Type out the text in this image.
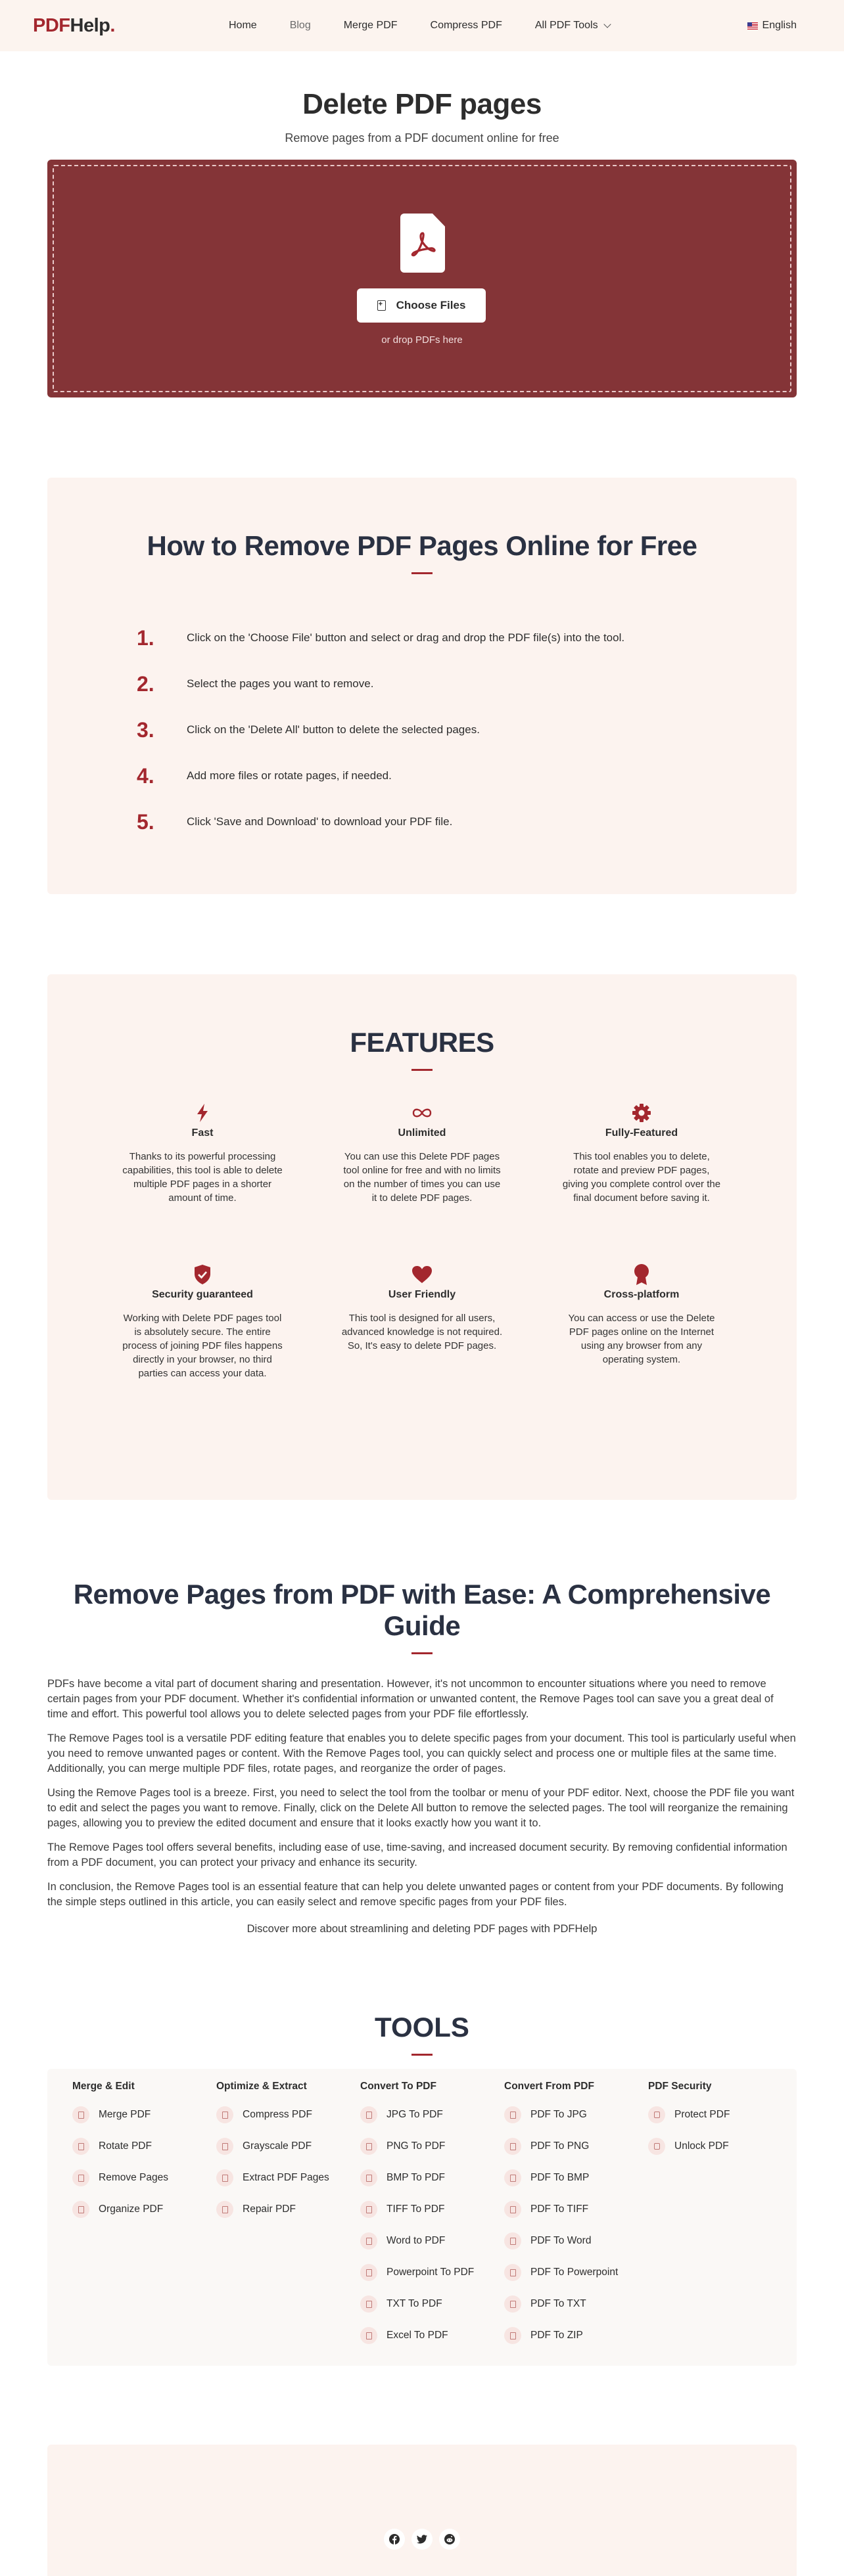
PDFHelp.	Home	Blog	Merge PDF	Compress PDF	All PDF Tools	English
Delete PDF pages
Remove pages from a PDF document online for free
+
Choose Files
or drop PDFs here
How to Remove PDF Pages Online for Free
1.	Click on the 'Choose File' button and select or drag and drop the PDF file(s) into the tool.
2.	Select the pages you want to remove.
3.	Click on the 'Delete All' button to delete the selected pages.
4.	Add more files or rotate pages, if needed.
5.	Click 'Save and Download' to download your PDF file.
FEATURES
Fast

Thanks to its powerful processing capabilities, this tool is able to delete multiple PDF pages in a shorter amount of time.

Unlimited

You can use this Delete PDF pages tool online for free and with no limits on the number of times you can use it to delete PDF pages.

Fully-Featured

This tool enables you to delete, rotate and preview PDF pages, giving you complete control over the final document before saving it.

Security guaranteed

Working with Delete PDF pages tool is absolutely secure. The entire process of joining PDF files happens directly in your browser, no third parties can access your data.

User Friendly

This tool is designed for all users, advanced knowledge is not required. So, It's easy to delete PDF pages.

Cross-platform

You can access or use the Delete PDF pages online on the Internet using any browser from any operating system.

Remove Pages from PDF with Ease: A Comprehensive Guide

PDFs have become a vital part of document sharing and presentation. However, it's not uncommon to encounter situations where you need to remove certain pages from your PDF document. Whether it's confidential information or unwanted content, the Remove Pages tool can save you a great deal of time and effort. This powerful tool allows you to delete selected pages from your PDF file effortlessly.

The Remove Pages tool is a versatile PDF editing feature that enables you to delete specific pages from your document. This tool is particularly useful when you need to remove unwanted pages or content. With the Remove Pages tool, you can quickly select and process one or multiple files at the same time. Additionally, you can merge multiple PDF files, rotate pages, and reorganize the order of pages.

Using the Remove Pages tool is a breeze. First, you need to select the tool from the toolbar or menu of your PDF editor. Next, choose the PDF file you want to edit and select the pages you want to remove. Finally, click on the Delete All button to remove the selected pages. The tool will reorganize the remaining pages, allowing you to preview the edited document and ensure that it looks exactly how you want it to.

The Remove Pages tool offers several benefits, including ease of use, time-saving, and increased document security. By removing confidential information from a PDF document, you can protect your privacy and enhance its security.

In conclusion, the Remove Pages tool is an essential feature that can help you delete unwanted pages or content from your PDF documents. By following the simple steps outlined in this article, you can easily select and remove specific pages from your PDF files.

Discover more about streamlining and deleting PDF pages with PDFHelp

TOOLS
Merge & Edit
Merge PDF
Rotate PDF
Remove Pages
Organize PDF
Optimize & Extract
Compress PDF
Grayscale PDF
Extract PDF Pages
Repair PDF
Convert To PDF
JPG To PDF
PNG To PDF
BMP To PDF
TIFF To PDF
Word to PDF
Powerpoint To PDF
TXT To PDF
Excel To PDF
Convert From PDF
PDF To JPG
PDF To PNG
PDF To BMP
PDF To TIFF
PDF To Word
PDF To Powerpoint
PDF To TXT
PDF To ZIP
PDF Security
Protect PDF
Unlock PDF
